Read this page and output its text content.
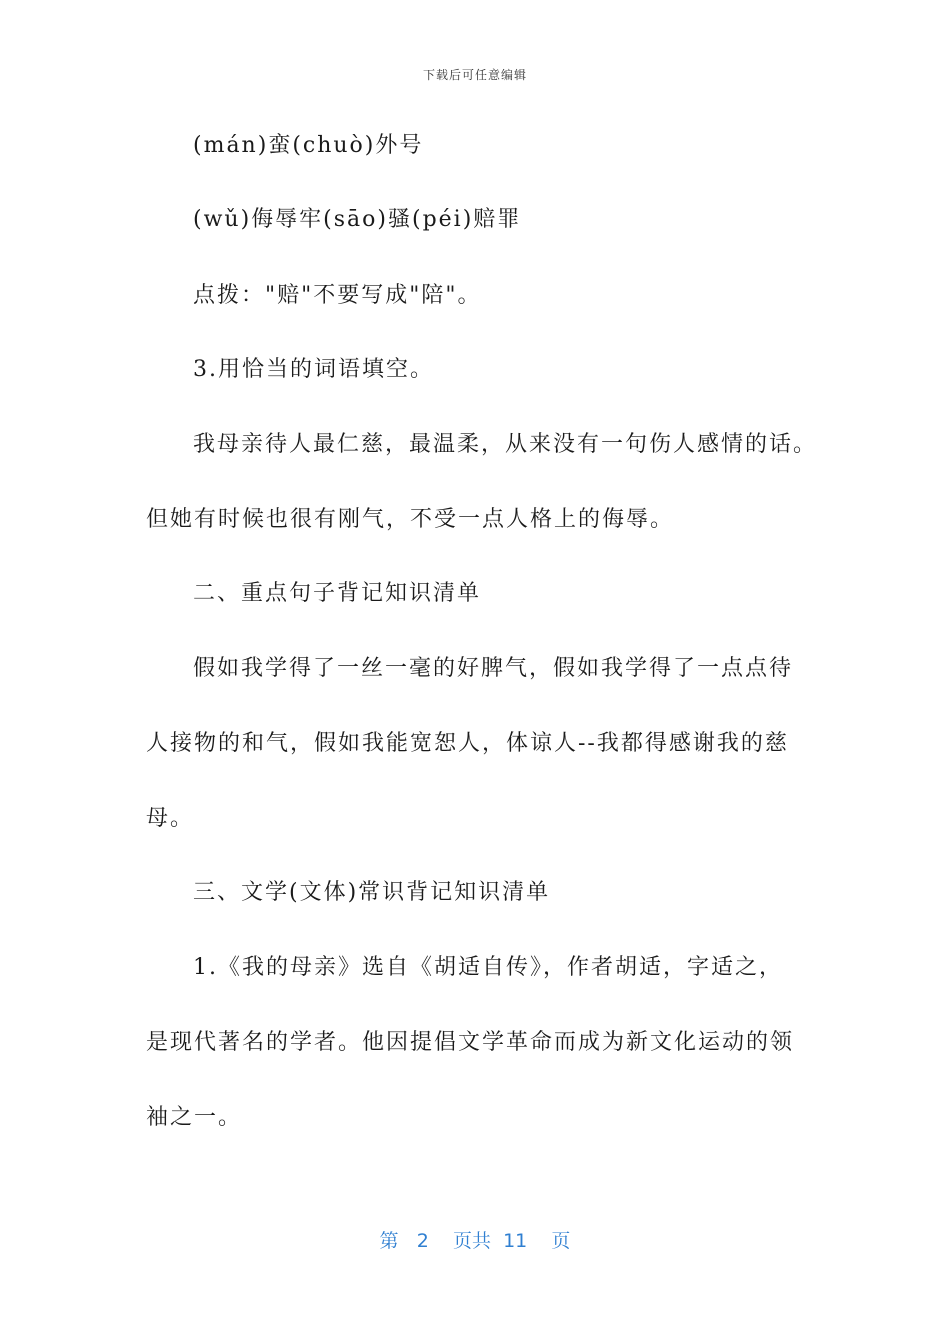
下载后可任意编辑
(mán)蛮(chuò)外号
(wǔ)侮辱牢(sāo)骚(péi)赔罪
点拨："赔"不要写成"陪"。
3.用恰当的词语填空。
我母亲待人最仁慈，最温柔，从来没有一句伤人感情的话。
但她有时候也很有刚气，不受一点人格上的侮辱。
二、重点句子背记知识清单
假如我学得了一丝一毫的好脾气，假如我学得了一点点待
人接物的和气，假如我能宽恕人，体谅人--我都得感谢我的慈
母。
三、文学(文体)常识背记知识清单
1.《我的母亲》选自《胡适自传》，作者胡适，字适之，
是现代著名的学者。他因提倡文学革命而成为新文化运动的领
袖之一。
第 2 页共 11 页
